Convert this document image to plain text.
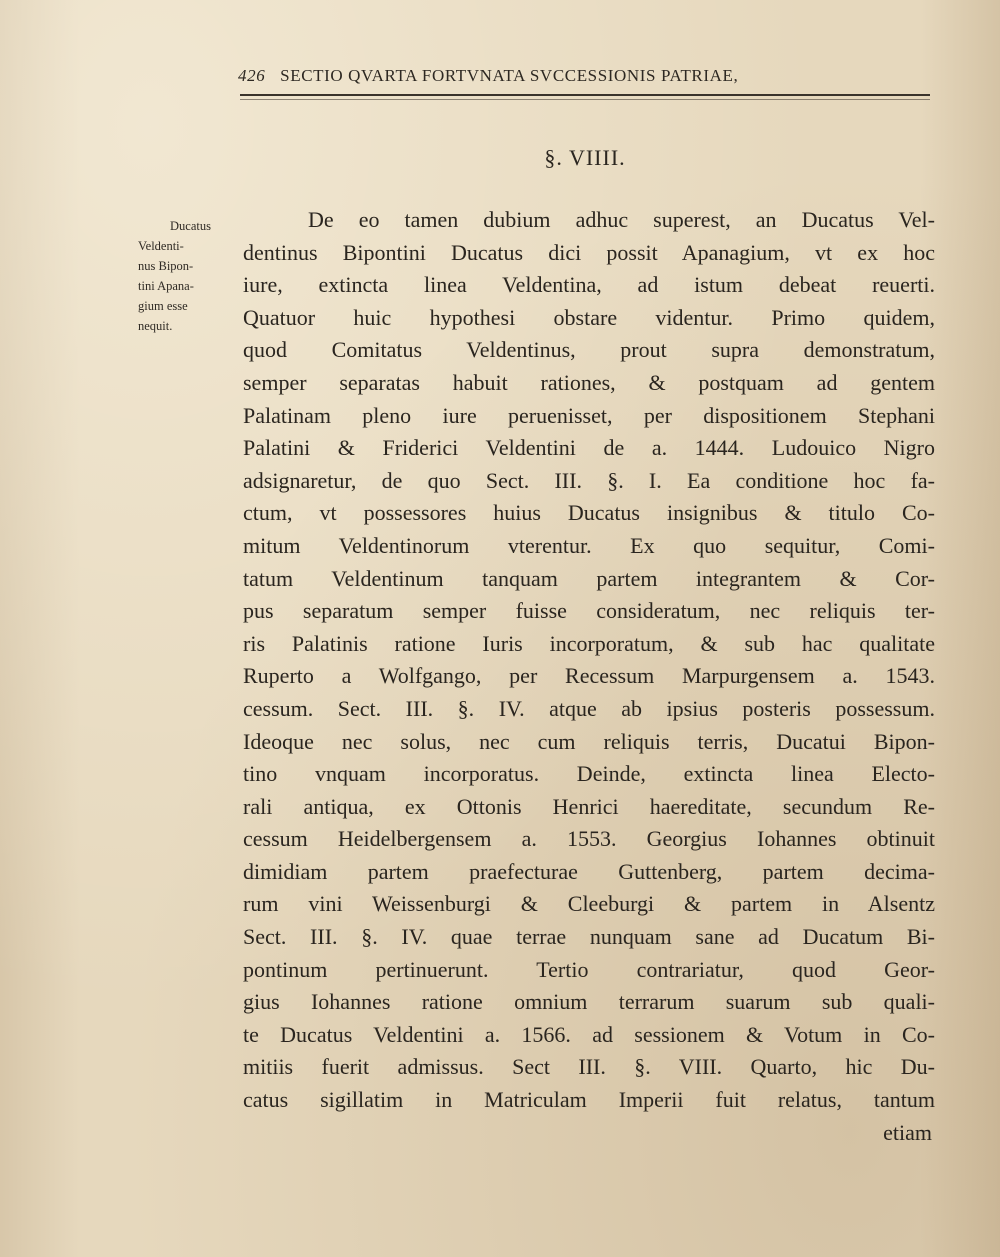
426 SECTIO QVARTA FORTVNATA SVCCESSIONIS PATRIAE,
§. VIIII.
Ducatus
Veldenti-
nus Bipon-
tini Apana-
gium esse
nequit.
De eo tamen dubium adhuc superest, an Ducatus Vel-
dentinus Bipontini Ducatus dici possit Apanagium, vt ex hoc
iure, extincta linea Veldentina, ad istum debeat reuerti.
Quatuor huic hypothesi obstare videntur. Primo quidem,
quod Comitatus Veldentinus, prout supra demonstratum,
semper separatas habuit rationes, & postquam ad gentem
Palatinam pleno iure peruenisset, per dispositionem Stephani
Palatini & Friderici Veldentini de a. 1444. Ludouico Nigro
adsignaretur, de quo Sect. III. §. I. Ea conditione hoc fa-
ctum, vt possessores huius Ducatus insignibus & titulo Co-
mitum Veldentinorum vterentur. Ex quo sequitur, Comi-
tatum Veldentinum tanquam partem integrantem & Cor-
pus separatum semper fuisse consideratum, nec reliquis ter-
ris Palatinis ratione Iuris incorporatum, & sub hac qualitate
Ruperto a Wolfgango, per Recessum Marpurgensem a. 1543.
cessum. Sect. III. §. IV. atque ab ipsius posteris possessum.
Ideoque nec solus, nec cum reliquis terris, Ducatui Bipon-
tino vnquam incorporatus. Deinde, extincta linea Electo-
rali antiqua, ex Ottonis Henrici haereditate, secundum Re-
cessum Heidelbergensem a. 1553. Georgius Iohannes obtinuit
dimidiam partem praefecturae Guttenberg, partem decima-
rum vini Weissenburgi & Cleeburgi & partem in Alsentz
Sect. III. §. IV. quae terrae nunquam sane ad Ducatum Bi-
pontinum pertinuerunt. Tertio contrariatur, quod Geor-
gius Iohannes ratione omnium terrarum suarum sub quali-
te Ducatus Veldentini a. 1566. ad sessionem & Votum in Co-
mitiis fuerit admissus. Sect III. §. VIII. Quarto, hic Du-
catus sigillatim in Matriculam Imperii fuit relatus, tantum
etiam
